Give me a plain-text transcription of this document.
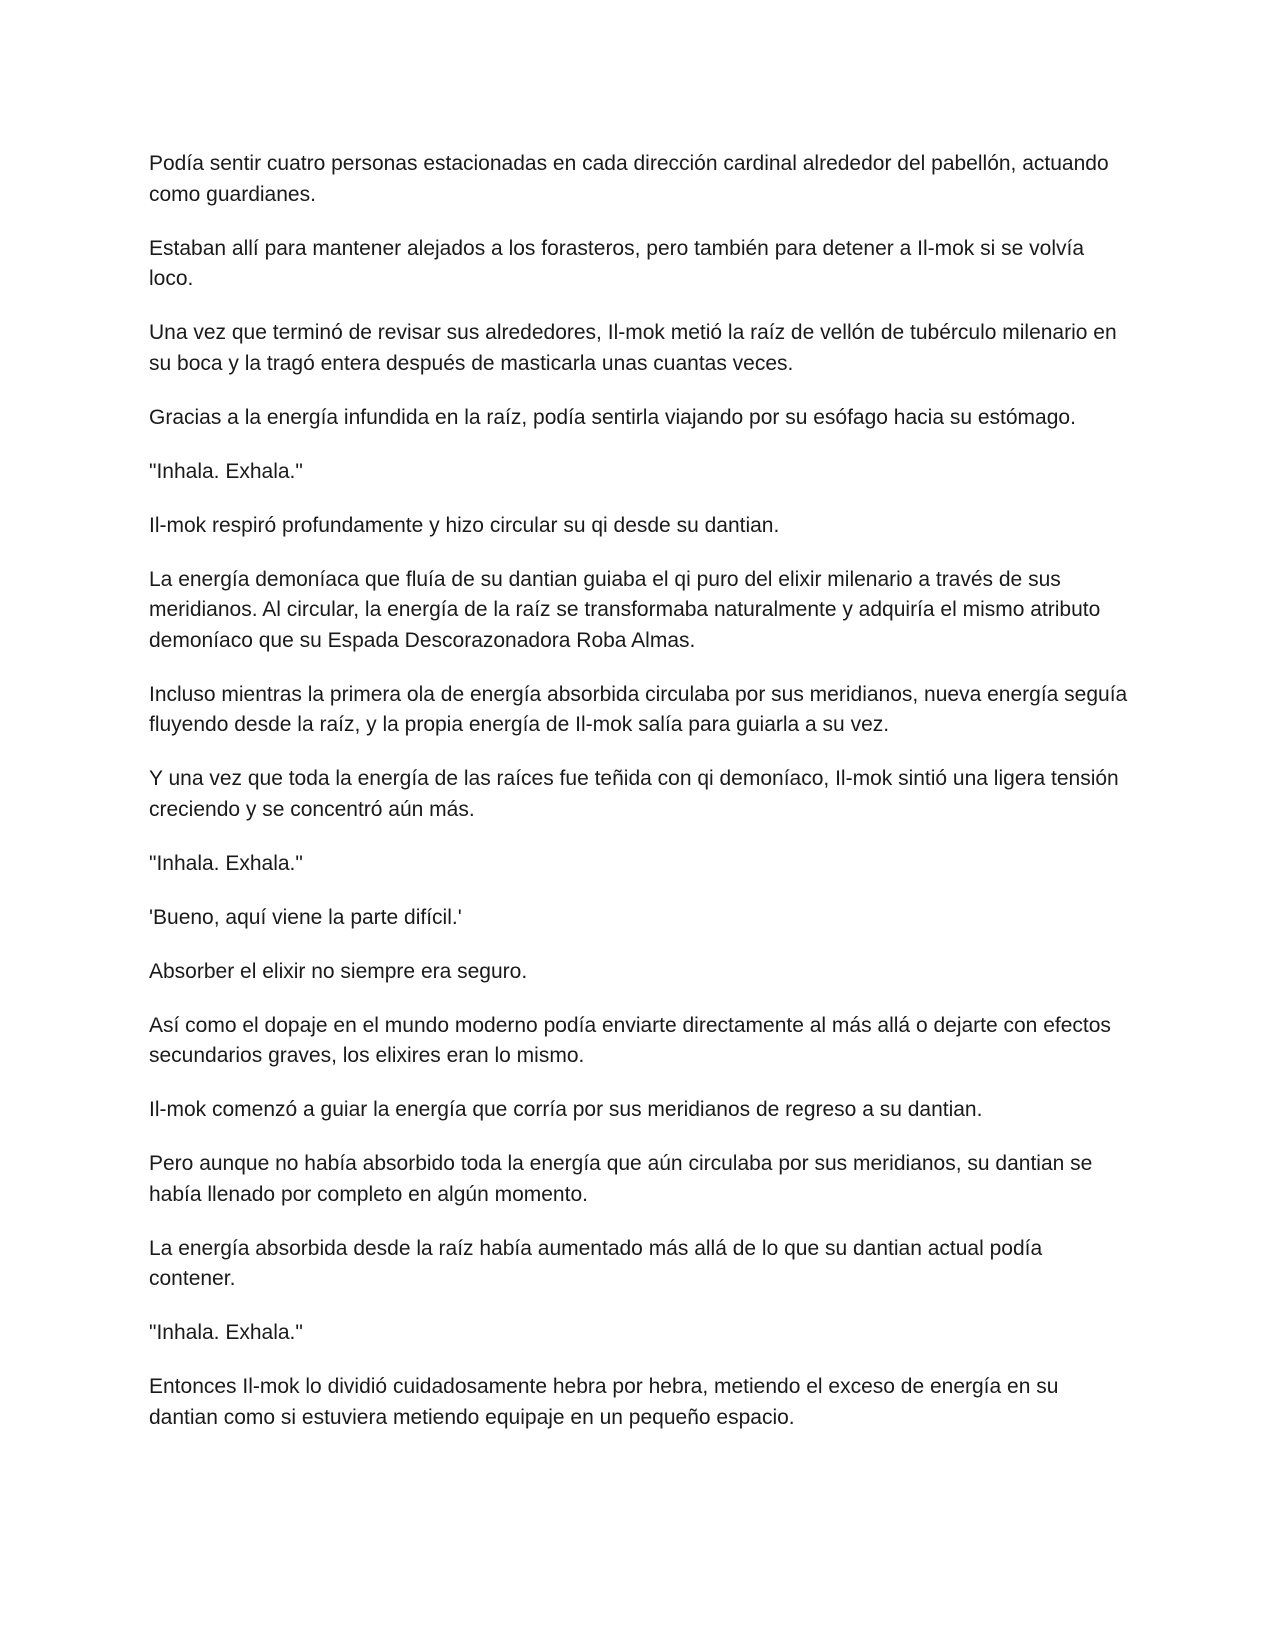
Podía sentir cuatro personas estacionadas en cada dirección cardinal alrededor del pabellón, actuando como guardianes.

Estaban allí para mantener alejados a los forasteros, pero también para detener a Il-mok si se volvía loco.

Una vez que terminó de revisar sus alrededores, Il-mok metió la raíz de vellón de tubérculo milenario en su boca y la tragó entera después de masticarla unas cuantas veces.

Gracias a la energía infundida en la raíz, podía sentirla viajando por su esófago hacia su estómago.

"Inhala. Exhala."

Il-mok respiró profundamente y hizo circular su qi desde su dantian.

La energía demoníaca que fluía de su dantian guiaba el qi puro del elixir milenario a través de sus meridianos. Al circular, la energía de la raíz se transformaba naturalmente y adquiría el mismo atributo demoníaco que su Espada Descorazonadora Roba Almas.

Incluso mientras la primera ola de energía absorbida circulaba por sus meridianos, nueva energía seguía fluyendo desde la raíz, y la propia energía de Il-mok salía para guiarla a su vez.

Y una vez que toda la energía de las raíces fue teñida con qi demoníaco, Il-mok sintió una ligera tensión creciendo y se concentró aún más.

"Inhala. Exhala."

'Bueno, aquí viene la parte difícil.'

Absorber el elixir no siempre era seguro.

Así como el dopaje en el mundo moderno podía enviarte directamente al más allá o dejarte con efectos secundarios graves, los elixires eran lo mismo.

Il-mok comenzó a guiar la energía que corría por sus meridianos de regreso a su dantian.

Pero aunque no había absorbido toda la energía que aún circulaba por sus meridianos, su dantian se había llenado por completo en algún momento.

La energía absorbida desde la raíz había aumentado más allá de lo que su dantian actual podía contener.

"Inhala. Exhala."

Entonces Il-mok lo dividió cuidadosamente hebra por hebra, metiendo el exceso de energía en su dantian como si estuviera metiendo equipaje en un pequeño espacio.
